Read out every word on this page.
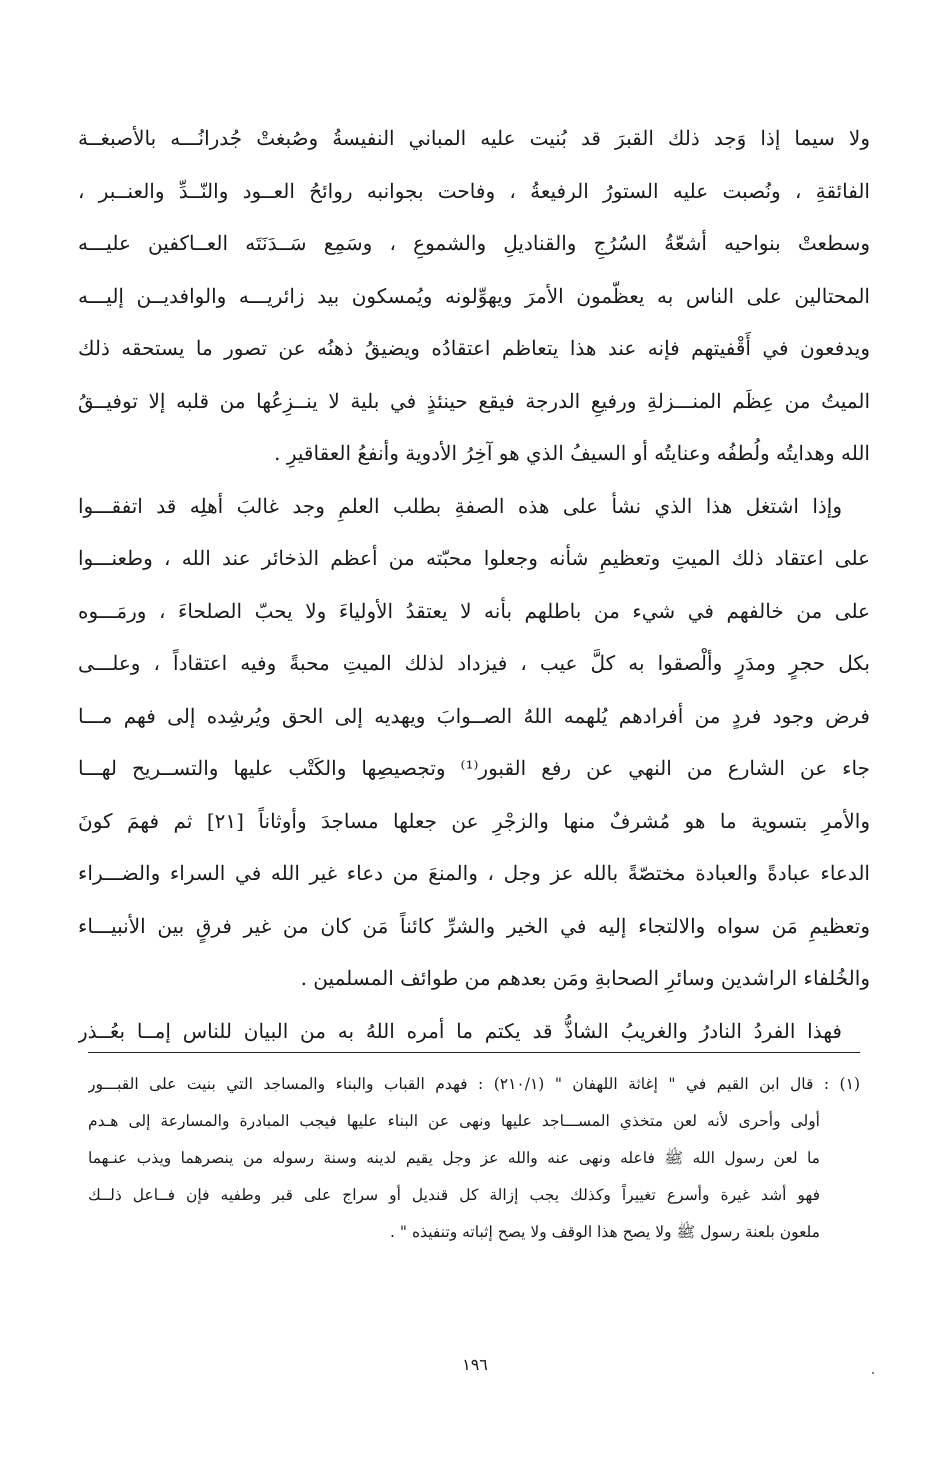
ولا سيما إذا وَجد ذلك القبرَ قد بُنيت عليه المباني النفيسةُ وصُبغتْ جُدرانُـــه بالأصبغــة
الفائقةِ ، ونُصبت عليه الستورُ الرفيعةُ ، وفاحت بجوانبه روائحُ العــود والنّــدِّ والعنــبر ،
وسطعتْ بنواحيه أشعّةُ السُرُجِ والقناديلِ والشموعِ ، وسَمِع سَــدَنَتَه العــاكفين عليـــه
المحتالين على الناس به يعظّمون الأمرَ ويهوِّلونه ويُمسكون بيد زائريـــه والوافديــن إليـــه
ويدفعون في أَقْفيتهم فإنه عند هذا يتعاظم اعتقادُه ويضيقُ ذهنُه عن تصور ما يستحقه ذلك
الميتُ من عِظَم المنـــزلةِ ورفيعِ الدرجة فيقع حينئذٍ في بلية لا ينــزِعُها من قلبه إلا توفيــقُ
الله وهدايتُه ولُطفُه وعنايتُه أو السيفُ الذي هو آخِرُ الأدوية وأنفعُ العقاقيرِ .
وإذا اشتغل هذا الذي نشأ على هذه الصفةِ بطلب العلمِ وجد غالبَ أهلِه قد اتفقـــوا
على اعتقاد ذلك الميتِ وتعظيمِ شأنه وجعلوا محبّته من أعظم الذخائر عند الله ، وطعنـــوا
على من خالفهم في شيء من باطلهم بأنه لا يعتقدُ الأولياءَ ولا يحبّ الصلحاءَ ، ورمَـــوه
بكل حجرٍ ومدَرٍ وألْصقوا به كلَّ عيب ، فيزداد لذلك الميتِ محبةً وفيه اعتقاداً ، وعلـــى
فرض وجود فردٍ من أفرادهم يُلهمه اللهُ الصــوابَ ويهديه إلى الحق ويُرشِده إلى فهم مـــا
جاء عن الشارع من النهي عن رفع القبور⁽¹⁾ وتجصيصِها والكَتْب عليها والتســريح لهـــا
والأمرِ بتسوية ما هو مُشرفٌ منها والزجْرِ عن جعلها مساجدَ وأوثاناً [٢١] ثم فهمَ كونَ
الدعاء عبادةً والعبادة مختصّةً بالله عز وجل ، والمنعَ من دعاء غير الله في السراء والضـــراء
وتعظيمِ مَن سواه والالتجاء إليه في الخير والشرِّ كائناً مَن كان من غير فرقٍ بين الأنبيـــاء
والخُلفاء الراشدين وسائرِ الصحابةِ ومَن بعدهم من طوائف المسلمين .
فهذا الفردُ النادرُ والغريبُ الشاذُّ قد يكتم ما أمره اللهُ به من البيان للناس إمــا بعُــذر
(١) : قال ابن القيم في " إغاثة اللهفان " (٢١٠/١) : فهدم القباب والبناء والمساجد التي بنيت على القبـــور
أولى وأحرى لأنه لعن متخذي المســـاجد عليها ونهى عن البناء عليها فيجب المبادرة والمسارعة إلى هـدم
ما لعن رسول الله ﷺ فاعله ونهى عنه والله عز وجل يقيم لدينه وسنة رسوله من ينصرهما ويذب عنـهما
فهو أشد غيرة وأسرع تغييراً وكذلك يجب إزالة كل قنديل أو سراج على قبر وطفيه فإن فــاعل ذلــك
ملعون بلعنة رسول ﷺ ولا يصح هذا الوقف ولا يصح إثباته وتنفيذه " .
١٩٦
